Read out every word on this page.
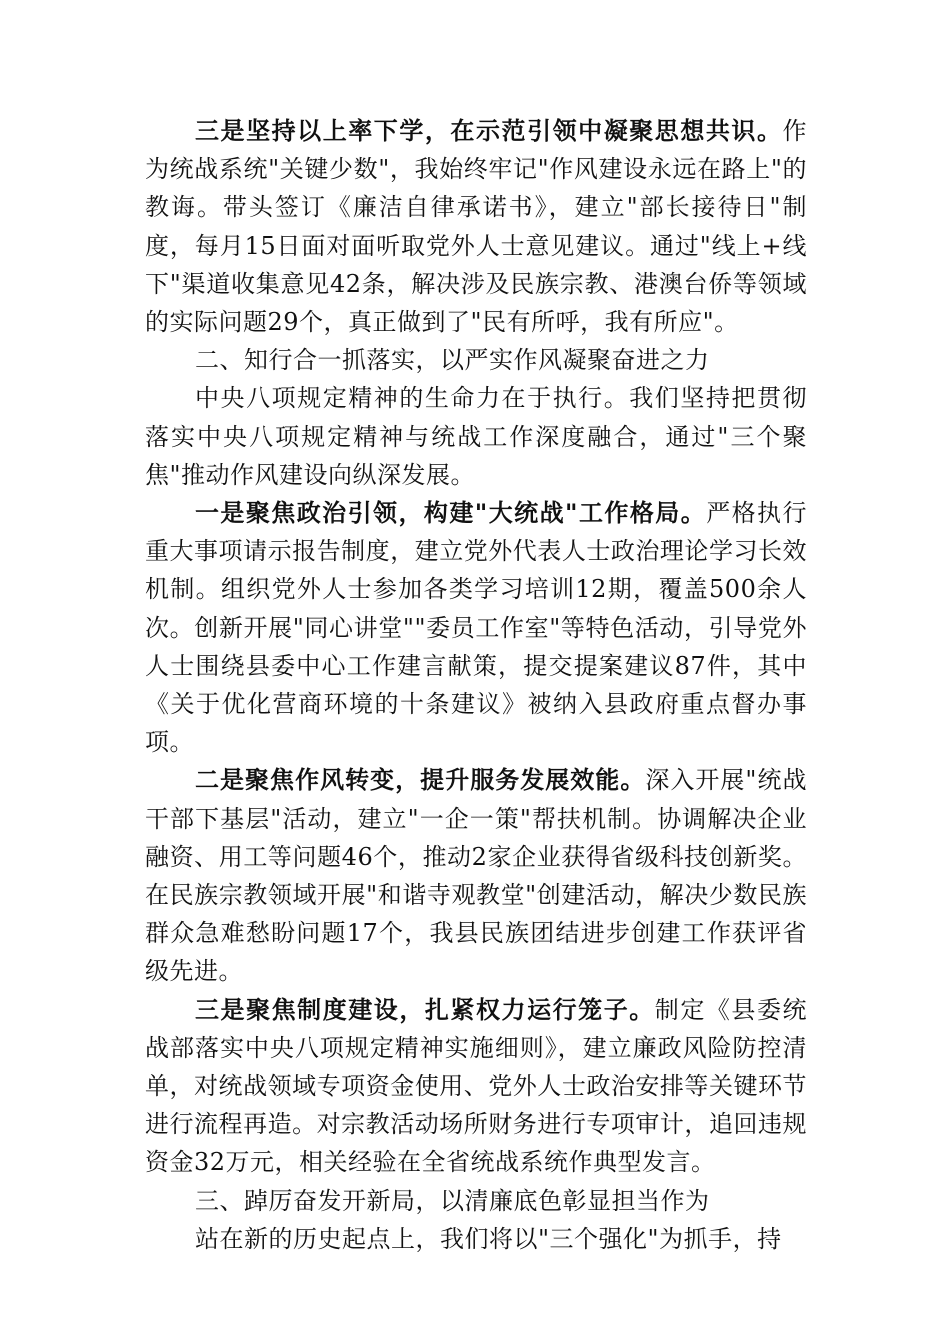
三是坚持以上率下学，在示范引领中凝聚思想共识。作为统战系统"关键少数"，我始终牢记"作风建设永远在路上"的教诲。带头签订《廉洁自律承诺书》，建立"部长接待日"制度，每月15日面对面听取党外人士意见建议。通过"线上+线下"渠道收集意见42条，解决涉及民族宗教、港澳台侨等领域的实际问题29个，真正做到了"民有所呼，我有所应"。

二、知行合一抓落实，以严实作风凝聚奋进之力

中央八项规定精神的生命力在于执行。我们坚持把贯彻落实中央八项规定精神与统战工作深度融合，通过"三个聚焦"推动作风建设向纵深发展。

一是聚焦政治引领，构建"大统战"工作格局。严格执行重大事项请示报告制度，建立党外代表人士政治理论学习长效机制。组织党外人士参加各类学习培训12期，覆盖500余人次。创新开展"同心讲堂""委员工作室"等特色活动，引导党外人士围绕县委中心工作建言献策，提交提案建议87件，其中《关于优化营商环境的十条建议》被纳入县政府重点督办事项。

二是聚焦作风转变，提升服务发展效能。深入开展"统战干部下基层"活动，建立"一企一策"帮扶机制。协调解决企业融资、用工等问题46个，推动2家企业获得省级科技创新奖。在民族宗教领域开展"和谐寺观教堂"创建活动，解决少数民族群众急难愁盼问题17个，我县民族团结进步创建工作获评省级先进。

三是聚焦制度建设，扎紧权力运行笼子。制定《县委统战部落实中央八项规定精神实施细则》，建立廉政风险防控清单，对统战领域专项资金使用、党外人士政治安排等关键环节进行流程再造。对宗教活动场所财务进行专项审计，追回违规资金32万元，相关经验在全省统战系统作典型发言。

三、踔厉奋发开新局，以清廉底色彰显担当作为

站在新的历史起点上，我们将以"三个强化"为抓手，持
